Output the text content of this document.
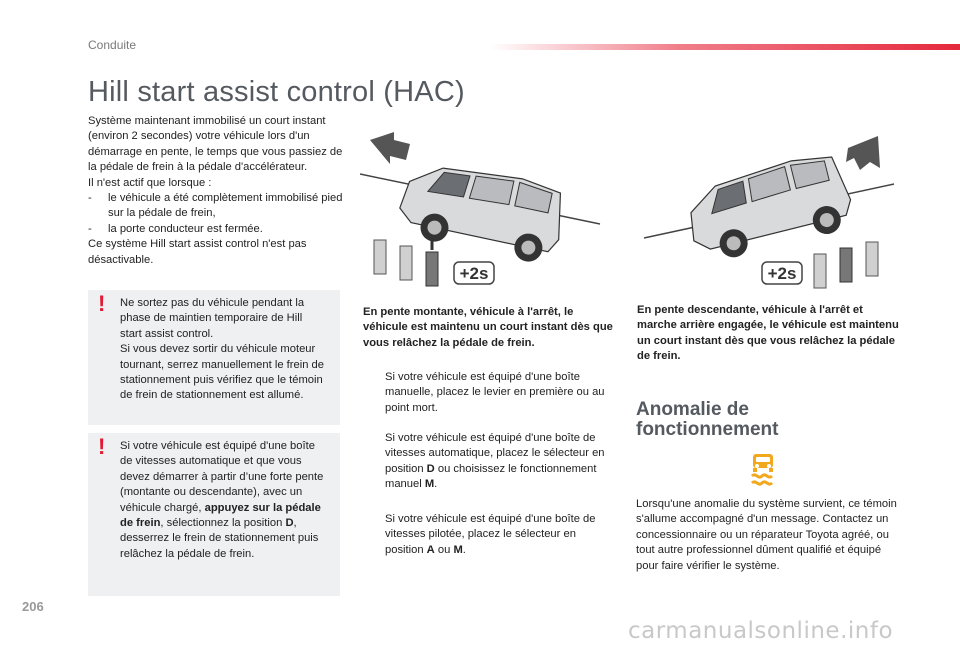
Conduite
Hill start assist control (HAC)

Système maintenant immobilisé un court instant (environ 2 secondes) votre véhicule lors d'un démarrage en pente, le temps que vous passiez de la pédale de frein à la pédale d'accélérateur.

Il n'est actif que lorsque :

- le véhicule a été complètement immobilisé pied sur la pédale de frein,
- la porte conducteur est fermée.

Ce système Hill start assist control n'est pas désactivable.

! Ne sortez pas du véhicule pendant la phase de maintien temporaire de Hill start assist control.
Si vous devez sortir du véhicule moteur tournant, serrez manuellement le frein de stationnement puis vérifiez que le témoin de frein de stationnement est allumé.
! Si votre véhicule est équipé d'une boîte de vitesses automatique et que vous devez démarrer à partir d’une forte pente (montante ou descendante), avec un véhicule chargé, appuyez sur la pédale de frein, sélectionnez la position D, desserrez le frein de stationnement puis relâchez la pédale de frein.
+2s	+2s
En pente montante, véhicule à l'arrêt, le véhicule est maintenu un court instant dès que vous relâchez la pédale de frein.
En pente descendante, véhicule à l'arrêt et marche arrière engagée, le véhicule est maintenu un court instant dès que vous relâchez la pédale de frein.
Si votre véhicule est équipé d'une boîte manuelle, placez le levier en première ou au point mort.
Si votre véhicule est équipé d'une boîte de vitesses automatique, placez le sélecteur en position D ou choisissez le fonctionnement manuel M.
Si votre véhicule est équipé d'une boîte de vitesses pilotée, placez le sélecteur en position A ou M.
Anomalie de
fonctionnement
Lorsqu'une anomalie du système survient, ce témoin s'allume accompagné d'un message. Contactez un concessionnaire ou un réparateur Toyota agréé, ou tout autre professionnel dûment qualifié et équipé pour faire vérifier le système.
206
carmanualsonline.info
